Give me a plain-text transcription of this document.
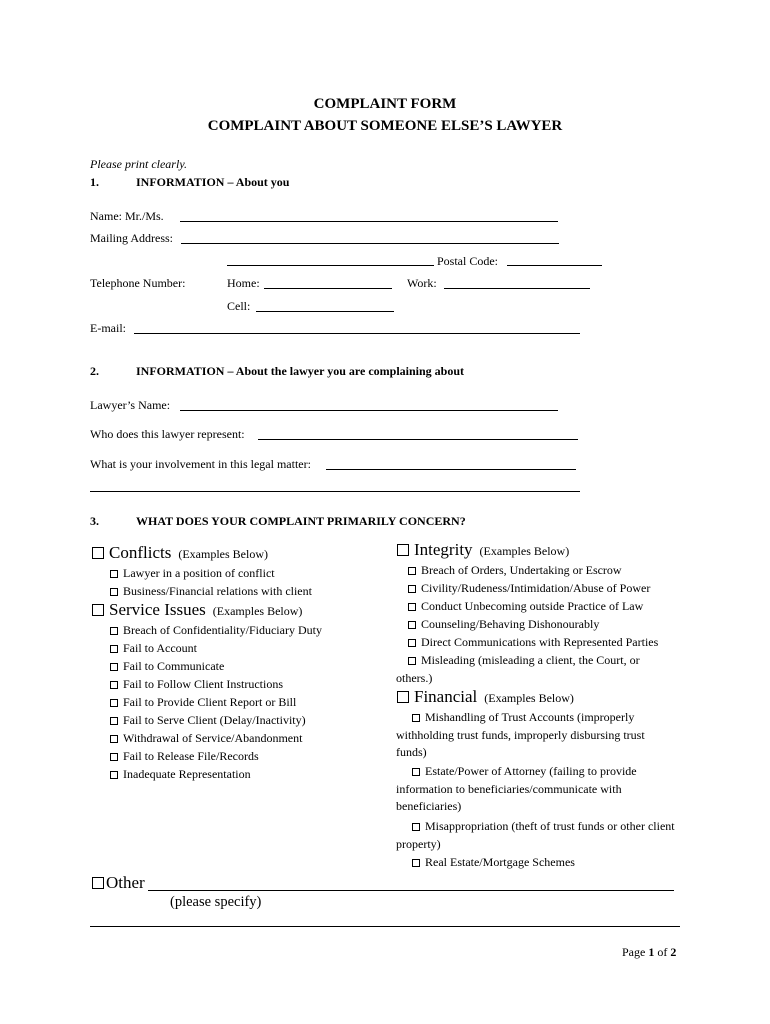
COMPLAINT FORM
COMPLAINT ABOUT SOMEONE ELSE’S LAWYER
Please print clearly.
1.	INFORMATION – About you
Name: Mr./Ms.
Mailing Address:
Postal Code:
Telephone Number:	Home:	Work:
Cell:
E-mail:
2.	INFORMATION – About the lawyer you are complaining about
Lawyer’s Name:
Who does this lawyer represent:
What is your involvement in this legal matter:
3.	WHAT DOES YOUR COMPLAINT PRIMARILY CONCERN?
Conflicts (Examples Below)
Lawyer in a position of conflict
Business/Financial relations with client
Service Issues (Examples Below)
Breach of Confidentiality/Fiduciary Duty
Fail to Account
Fail to Communicate
Fail to Follow Client Instructions
Fail to Provide Client Report or Bill
Fail to Serve Client (Delay/Inactivity)
Withdrawal of Service/Abandonment
Fail to Release File/Records
Inadequate Representation
Integrity (Examples Below)
Breach of Orders, Undertaking or Escrow
Civility/Rudeness/Intimidation/Abuse of Power
Conduct Unbecoming outside Practice of Law
Counseling/Behaving Dishonourably
Direct Communications with Represented Parties
Misleading (misleading a client, the Court, or others.)
Financial (Examples Below)
Mishandling of Trust Accounts (improperly withholding trust funds, improperly disbursing trust funds)
Estate/Power of Attorney (failing to provide information to beneficiaries/communicate with beneficiaries)
Misappropriation (theft of trust funds or other client property)
Real Estate/Mortgage Schemes
Other
(please specify)
Page 1 of 2
